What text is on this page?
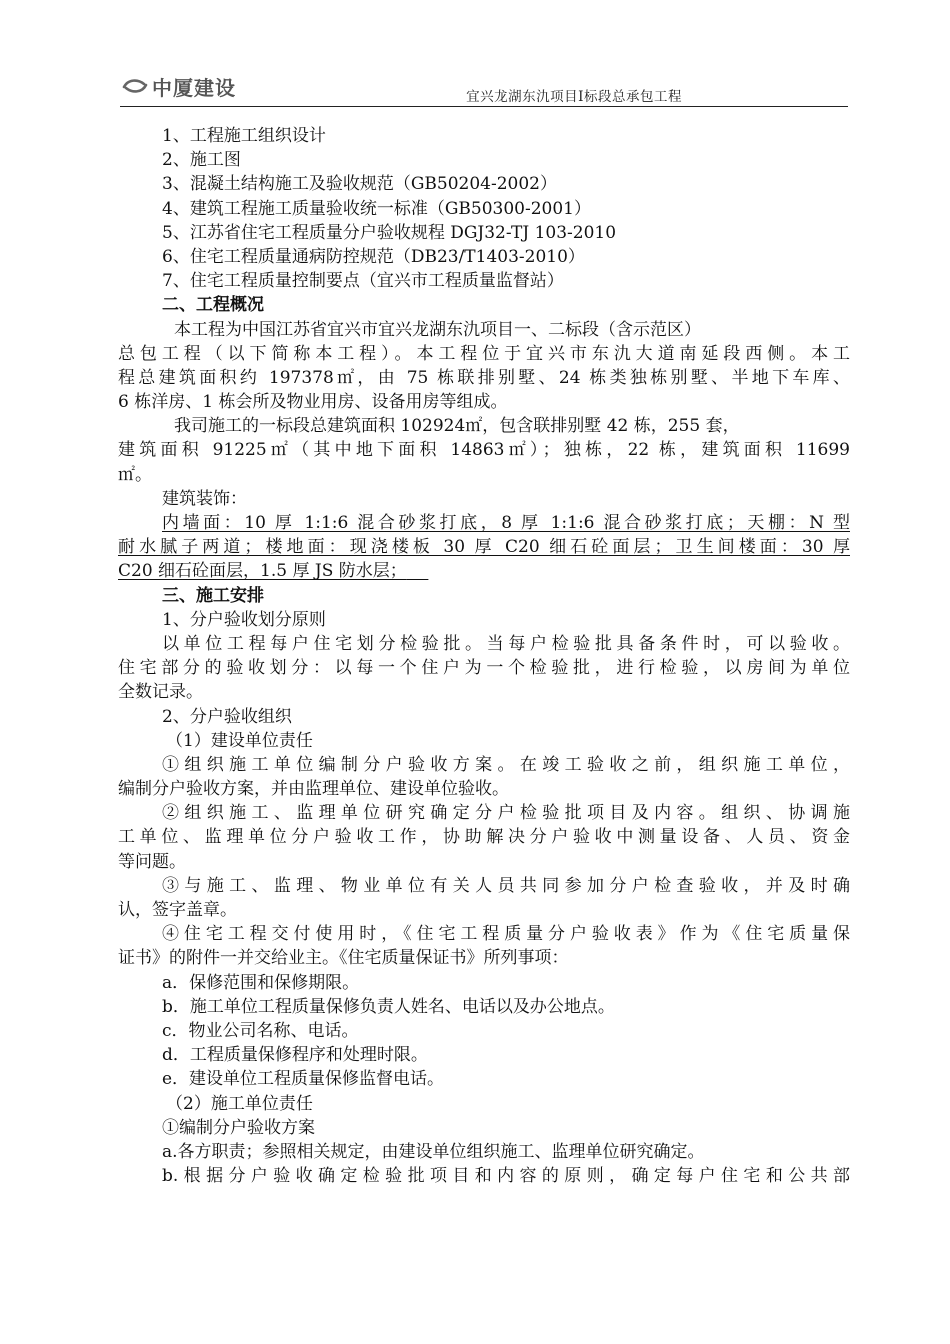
中厦建设	宜兴龙湖东氿项目Ⅰ标段总承包工程
1、工程施工组织设计
2、施工图
3、混凝土结构施工及验收规范（GB50204-2002）
4、建筑工程施工质量验收统一标准（GB50300-2001）
5、江苏省住宅工程质量分户验收规程 DGJ32-TJ 103-2010
6、住宅工程质量通病防控规范（DB23/T1403-2010）
7、住宅工程质量控制要点（宜兴市工程质量监督站）
二、工程概况
本工程为中国江苏省宜兴市宜兴龙湖东氿项目一、二标段（含示范区）
总包工程（以下简称本工程）。本工程位于宜兴市东氿大道南延段西侧。本工
程总建筑面积约 197378㎡，由 75 栋联排别墅、24 栋类独栋别墅、半地下车库、
6 栋洋房、1 栋会所及物业用房、设备用房等组成。
我司施工的一标段总建筑面积 102924㎡，包含联排别墅 42 栋，255 套，
建筑面积 91225㎡（其中地下面积 14863㎡）；独栋，22 栋，建筑面积 11699
㎡。
建筑装饰：
内墙面：10 厚 1:1:6 混合砂浆打底，8 厚 1:1:6 混合砂浆打底；天棚：N 型
耐水腻子两道；楼地面：现浇楼板 30 厚 C20 细石砼面层；卫生间楼面：30 厚
C20 细石砼面层，1.5 厚 JS 防水层；
三、施工安排
1、分户验收划分原则
以单位工程每户住宅划分检验批。当每户检验批具备条件时，可以验收。
住宅部分的验收划分：以每一个住户为一个检验批，进行检验，以房间为单位
全数记录。
2、分户验收组织
（1）建设单位责任
①组织施工单位编制分户验收方案。在竣工验收之前，组织施工单位，
编制分户验收方案，并由监理单位、建设单位验收。
②组织施工、监理单位研究确定分户检验批项目及内容。组织、协调施
工单位、监理单位分户验收工作，协助解决分户验收中测量设备、人员、资金
等问题。
③与施工、监理、物业单位有关人员共同参加分户检查验收，并及时确
认，签字盖章。
④住宅工程交付使用时，《住宅工程质量分户验收表》作为《住宅质量保
证书》的附件一并交给业主。《住宅质量保证书》所列事项：
a．保修范围和保修期限。
b．施工单位工程质量保修负责人姓名、电话以及办公地点。
c．物业公司名称、电话。
d．工程质量保修程序和处理时限。
e．建设单位工程质量保修监督电话。
（2）施工单位责任
①编制分户验收方案
a.各方职责；参照相关规定，由建设单位组织施工、监理单位研究确定。
b.根据分户验收确定检验批项目和内容的原则，确定每户住宅和公共部
